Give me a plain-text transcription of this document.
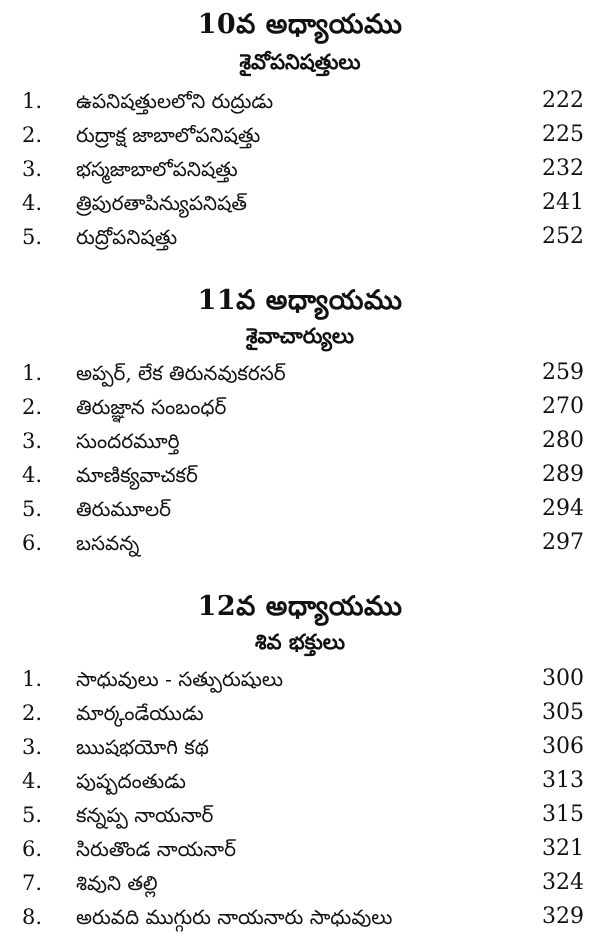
10వ అధ్యాయము
శైవోపనిషత్తులు
1. ఉపనిషత్తులలోని రుద్రుడు	222
2. రుద్రాక్ష జాబాలోపనిషత్తు	225
3. భస్మజాబాలోపనిషత్తు	232
4. త్రిపురతాపిన్యుపనిషత్	241
5. రుద్రోపనిషత్తు	252
11వ అధ్యాయము
శైవాచార్యులు
1. అప్పర్, లేక తిరునవుకరసర్	259
2. తిరుజ్ఞాన సంబంధర్	270
3. సుందరమూర్తి	280
4. మాణిక్యవాచకర్	289
5. తిరుమూలర్	294
6. బసవన్న	297
12వ అధ్యాయము
శివ భక్తులు
1. సాధువులు - సత్పురుషులు	300
2. మార్కండేయుడు	305
3. ఋషభయోగి కథ	306
4. పుష్పదంతుడు	313
5. కన్నప్ప నాయనార్	315
6. సిరుతొండ నాయనార్	321
7. శివుని తల్లి	324
8. అరువది ముగ్గురు నాయనారు సాధువులు	329
